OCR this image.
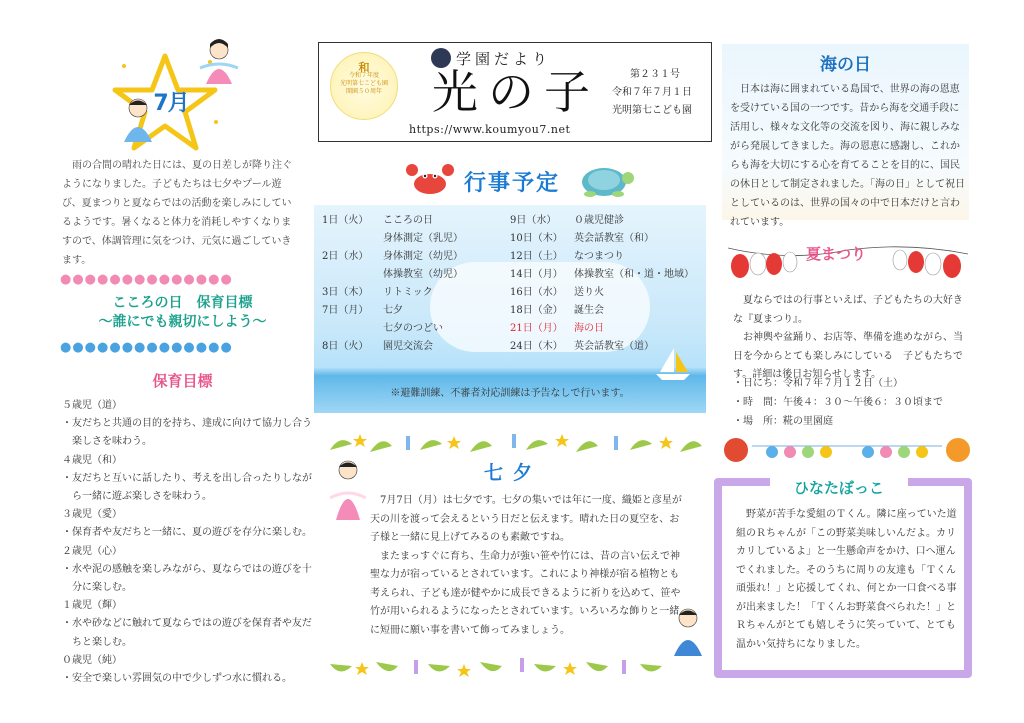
7月
雨の合間の晴れた日には、夏の日差しが降り注ぐようになりました。子どもたちは七夕やプール遊び、夏まつりと夏ならではの活動を楽しみにしているようです。暑くなると体力を消耗しやすくなりますので、体調管理に気をつけ、元気に過ごしていきます。
●●●●●●●●●●●●●●
こころの日　保育目標
～誰にでも親切にしよう～
●●●●●●●●●●●●●●
保育目標
５歳児（道）
・友だちと共通の目的を持ち、達成に向けて協力し合う楽しさを味わう。
４歳児（和）
・友だちと互いに話したり、考えを出し合ったりしながら一緒に遊ぶ楽しさを味わう。
３歳児（愛）
・保育者や友だちと一緒に、夏の遊びを存分に楽しむ。
２歳児（心）
・水や泥の感触を楽しみながら、夏ならではの遊びを十分に楽しむ。
１歳児（輝）
・水や砂などに触れて夏ならではの遊びを保育者や友だちと楽しむ。
０歳児（純）
・安全で楽しい雰囲気の中で少しずつ水に慣れる。
和
令和７年度
光明第七こども園
開園５０周年
学園だより
光の子	第２３１号
令和７年７月１日
光明第七こども園
https://www.koumyou7.net
行事予定
1日（火）	こころの日
	身体測定（乳児）
2日（水）	身体測定（幼児）
	体操教室（幼児）
3日（木）	リトミック
7日（月）	七夕
	七夕のつどい
8日（火）	園児交流会
9日（水）	０歳児健診
10日（木）	英会話教室（和）
12日（土）	なつまつり
14日（月）	体操教室（和・道・地域）
16日（水）	送り火
18日（金）	誕生会
21日（月）	海の日
24日（木）	英会話教室（道）
※避難訓練、不審者対応訓練は予告なしで行います。
七夕

7月7日（月）は七夕です。七夕の集いでは年に一度、織姫と彦星が天の川を渡って会えるという日だと伝えます。晴れた日の夏空を、お子様と一緒に見上げてみるのも素敵ですね。

またまっすぐに育ち、生命力が強い笹や竹には、昔の言い伝えで神聖な力が宿っているとされています。これにより神様が宿る植物とも考えられ、子ども達が健やかに成長できるように祈りを込めて、笹や竹が用いられるようになったとされています。いろいろな飾りと一緒に短冊に願い事を書いて飾ってみましょう。

海の日
日本は海に囲まれている島国で、世界の海の恩恵を受けている国の一つです。昔から海を交通手段に活用し、様々な文化等の交流を図り、海に親しみながら発展してきました。海の恩恵に感謝し、これからも海を大切にする心を育てることを目的に、国民の休日として制定されました。「海の日」として祝日としているのは、世界の国々の中で日本だけと言われています。
夏まつり

夏ならではの行事といえば、子どもたちの大好きな『夏まつり』。

お神輿や盆踊り、お店等、準備を進めながら、当日を今からとても楽しみにしている　子どもたちです。詳細は後日お知らせします。

・日にち：令和７年７月１２日（土）
・時　間：午後４：３０〜午後６：３０頃まで
・場　所：糀の里園庭
ひなたぼっこ

野菜が苦手な愛組のＴくん。隣に座っていた道組のＲちゃんが「この野菜美味しいんだよ。カリカリしているよ」と一生懸命声をかけ、口へ運んでくれました。そのうちに周りの友達も「Ｔくん頑張れ！」と応援してくれ、何とか一口食べる事が出来ました！「Ｔくんお野菜食べられた！」とＲちゃんがとても嬉しそうに笑っていて、とても温かい気持ちになりました。
